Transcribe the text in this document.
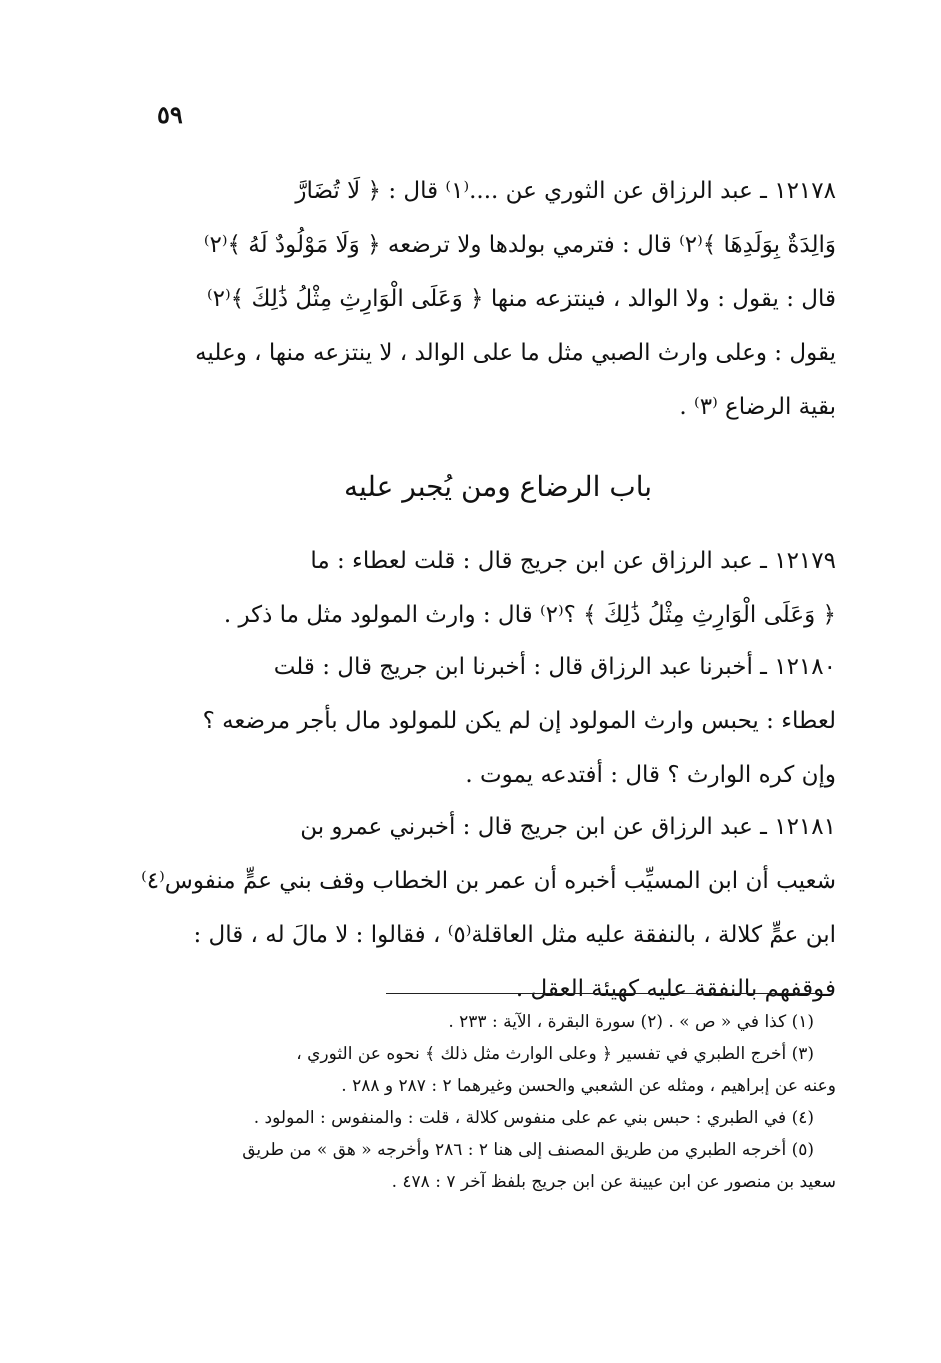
٥٩
١٢١٧٨ ـ عبد الرزاق عن الثوري عن ....⁽١⁾ قال : ﴿ لَا تُضَارَّ
وَالِدَةٌ بِوَلَدِهَا ﴾⁽٢⁾ قال : فترمي بولدها ولا ترضعه ﴿ وَلَا مَوْلُودٌ لَهُ ﴾⁽٢⁾
قال : يقول : ولا الوالد ، فينتزعه منها ﴿ وَعَلَى الْوَارِثِ مِثْلُ ذَٰلِكَ ﴾⁽٢⁾
يقول : وعلى وارث الصبي مثل ما على الوالد ، لا ينتزعه منها ، وعليه
بقية الرضاع ⁽٣⁾ .
باب الرضاع ومن يُجبر عليه
١٢١٧٩ ـ عبد الرزاق عن ابن جريج قال : قلت لعطاء : ما
﴿ وَعَلَى الْوَارِثِ مِثْلُ ذَٰلِكَ ﴾ ؟⁽٢⁾ قال : وارث المولود مثل ما ذكر .
١٢١٨٠ ـ أخبرنا عبد الرزاق قال : أخبرنا ابن جريج قال : قلت
لعطاء : يحبس وارث المولود إن لم يكن للمولود مال بأجر مرضعه ؟
وإن كره الوارث ؟ قال : أفتدعه يموت .
١٢١٨١ ـ عبد الرزاق عن ابن جريج قال : أخبرني عمرو بن
شعيب أن ابن المسيِّب أخبره أن عمر بن الخطاب وقف بني عمٍّ منفوس⁽٤⁾
ابن عمٍّ كلالة ، بالنفقة عليه مثل العاقلة⁽٥⁾ ، فقالوا : لا مالَ له ، قال :
فوقفهم بالنفقة عليه كهيئة العقل .
(١) كذا في « ص » . (٢) سورة البقرة ، الآية : ٢٣٣ .
(٣) أخرج الطبري في تفسير ﴿ وعلى الوارث مثل ذلك ﴾ نحوه عن الثوري ،
وعنه عن إبراهيم ، ومثله عن الشعبي والحسن وغيرهما ٢ : ٢٨٧ و ٢٨٨ .
(٤) في الطبري : حبس بني عم على منفوس كلالة ، قلت : والمنفوس : المولود .
(٥) أخرجه الطبري من طريق المصنف إلى هنا ٢ : ٢٨٦ وأخرجه « هق » من طريق
سعيد بن منصور عن ابن عيينة عن ابن جريج بلفظ آخر ٧ : ٤٧٨ .
